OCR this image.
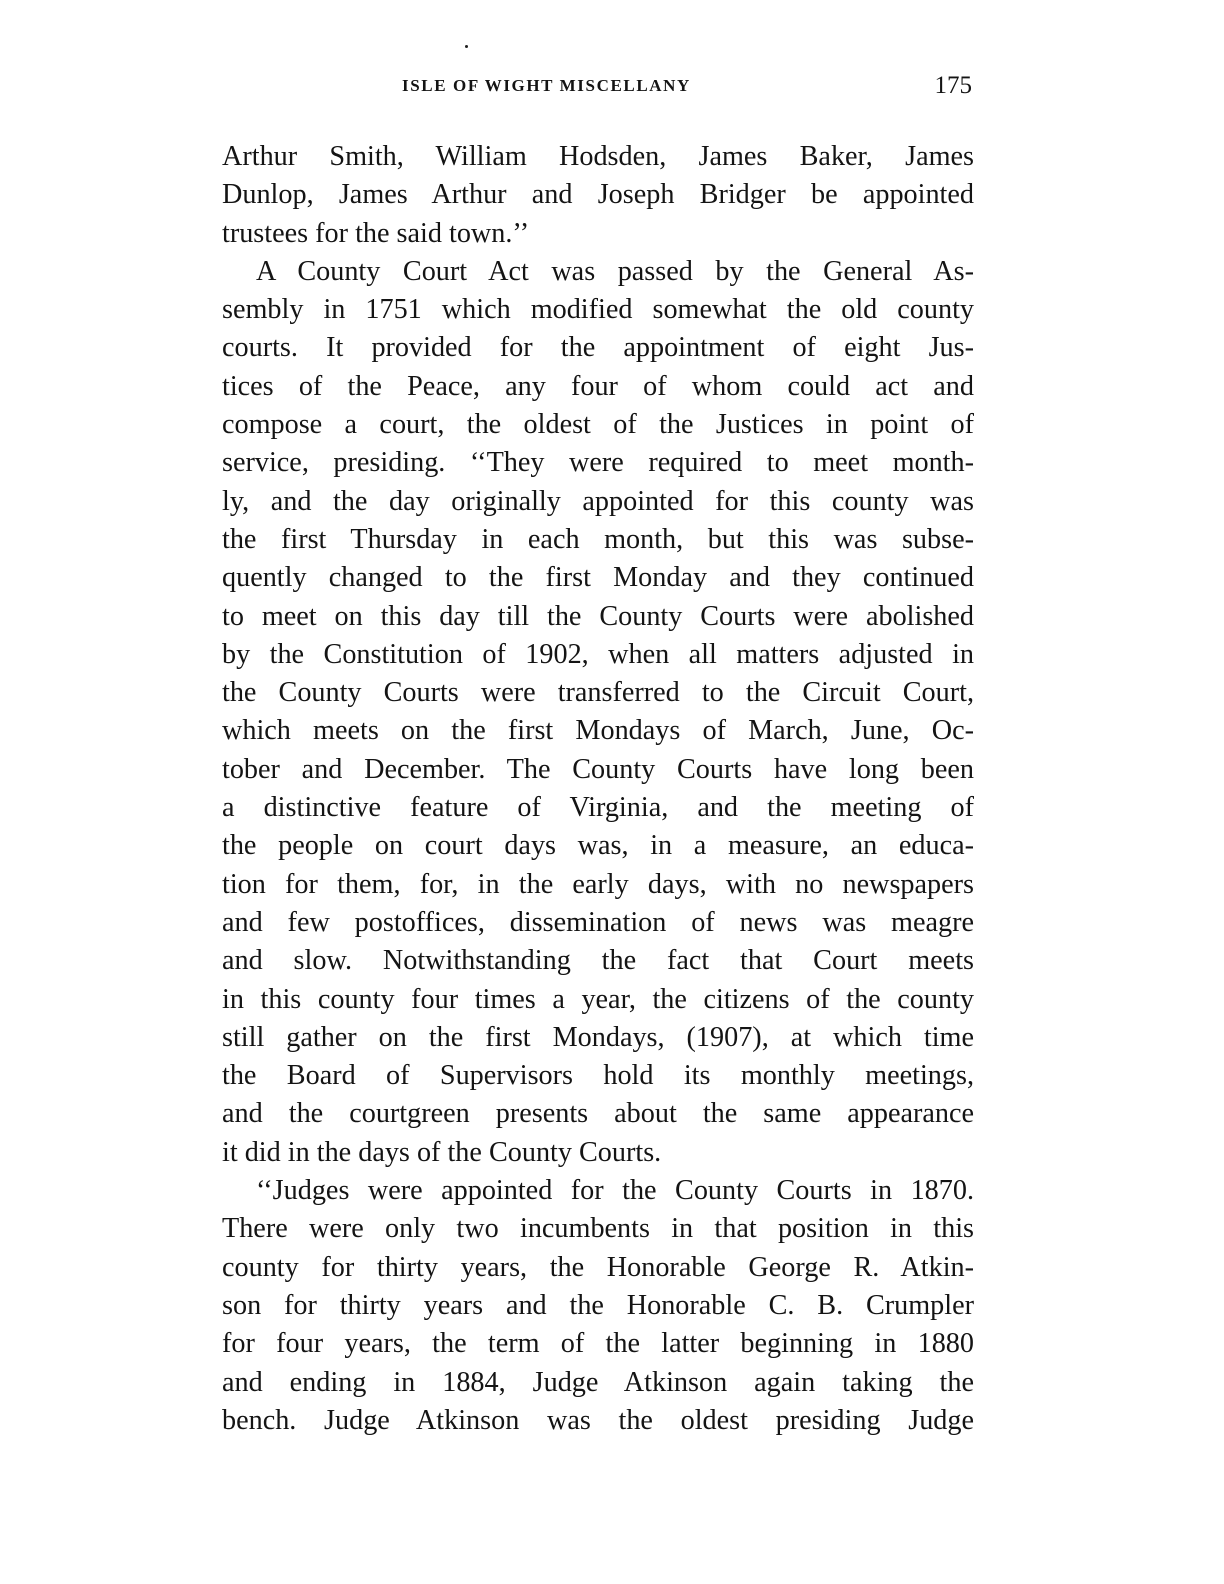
ISLE OF WIGHT MISCELLANY	175
Arthur Smith, William Hodsden, James Baker, James
Dunlop, James Arthur and Joseph Bridger be appointed
trustees for the said town.’’
A County Court Act was passed by the General As-
sembly in 1751 which modified somewhat the old county
courts. It provided for the appointment of eight Jus-
tices of the Peace, any four of whom could act and
compose a court, the oldest of the Justices in point of
service, presiding. ‘‘They were required to meet month-
ly, and the day originally appointed for this county was
the first Thursday in each month, but this was subse-
quently changed to the first Monday and they continued
to meet on this day till the County Courts were abolished
by the Constitution of 1902, when all matters adjusted in
the County Courts were transferred to the Circuit Court,
which meets on the first Mondays of March, June, Oc-
tober and December. The County Courts have long been
a distinctive feature of Virginia, and the meeting of
the people on court days was, in a measure, an educa-
tion for them, for, in the early days, with no newspapers
and few postoffices, dissemination of news was meagre
and slow. Notwithstanding the fact that Court meets
in this county four times a year, the citizens of the county
still gather on the first Mondays, (1907), at which time
the Board of Supervisors hold its monthly meetings,
and the courtgreen presents about the same appearance
it did in the days of the County Courts.
‘‘Judges were appointed for the County Courts in 1870.
There were only two incumbents in that position in this
county for thirty years, the Honorable George R. Atkin-
son for thirty years and the Honorable C. B. Crumpler
for four years, the term of the latter beginning in 1880
and ending in 1884, Judge Atkinson again taking the
bench. Judge Atkinson was the oldest presiding Judge
